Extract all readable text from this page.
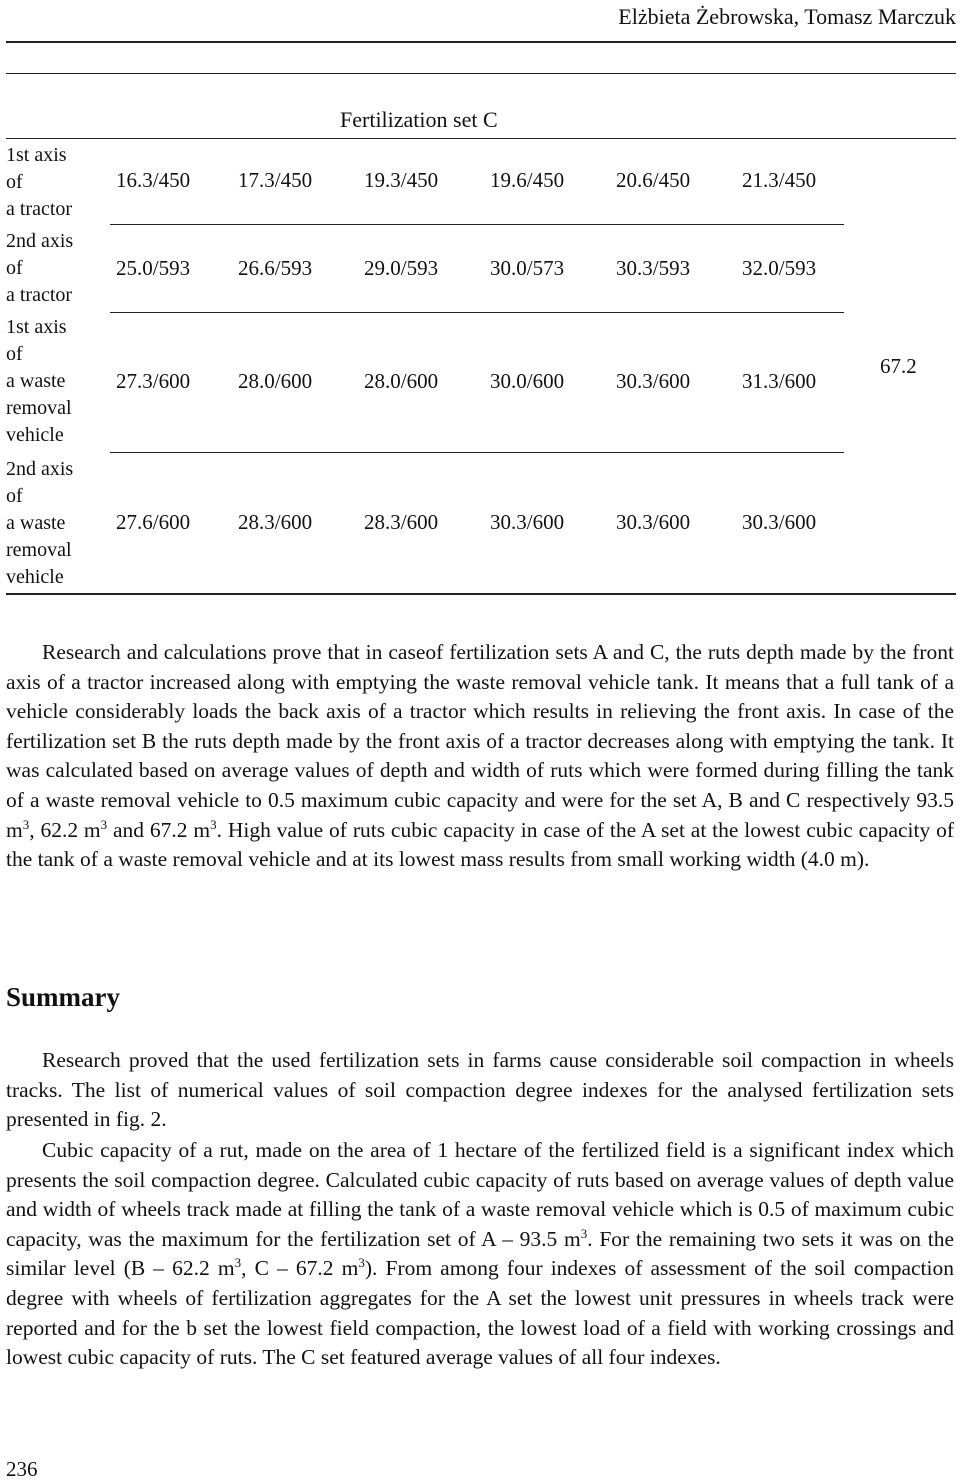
Elżbieta Żebrowska, Tomasz Marczuk
Fertilization set C
1st axis
of
a tractor
16.3/450 17.3/450 19.3/450 19.6/450 20.6/450 21.3/450
2nd axis
of
a tractor
25.0/593 26.6/593 29.0/593 30.0/573 30.3/593 32.0/593
1st axis
of
a waste
removal
vehicle
27.3/600 28.0/600 28.0/600 30.0/600 30.3/600 31.3/600
67.2
2nd axis
of
a waste
removal
vehicle
27.6/600 28.3/600 28.3/600 30.3/600 30.3/600 30.3/600

Research and calculations prove that in caseof fertilization sets A and C, the ruts depth made by the front axis of a tractor increased along with emptying the waste removal vehicle tank. It means that a full tank of a vehicle considerably loads the back axis of a tractor which results in relieving the front axis. In case of the fertilization set B the ruts depth made by the front axis of a tractor decreases along with emptying the tank. It was calculated based on average values of depth and width of ruts which were formed during filling the tank of a waste removal vehicle to 0.5 maximum cubic capacity and were for the set A, B and C respectively 93.5 $m^3$, 62.2 $m^3$ and 67.2 $m^3$. High value of ruts cubic capacity in case of the A set at the lowest cubic capacity of the tank of a waste removal vehicle and at its lowest mass results from small working width (4.0 m).

Summary

Research proved that the used fertilization sets in farms cause considerable soil compaction in wheels tracks. The list of numerical values of soil compaction degree indexes for the analysed fertilization sets presented in fig. 2.

Cubic capacity of a rut, made on the area of 1 hectare of the fertilized field is a significant index which presents the soil compaction degree. Calculated cubic capacity of ruts based on average values of depth value and width of wheels track made at filling the tank of a waste removal vehicle which is 0.5 of maximum cubic capacity, was the maximum for the fertilization set of A – 93.5 $m^3$. For the remaining two sets it was on the similar level (B – 62.2 $m^3$, C – 67.2 $m^3$). From among four indexes of assessment of the soil compaction degree with wheels of fertilization aggregates for the A set the lowest unit pressures in wheels track were reported and for the b set the lowest field compaction, the lowest load of a field with working crossings and lowest cubic capacity of ruts. The C set featured average values of all four indexes.

236
